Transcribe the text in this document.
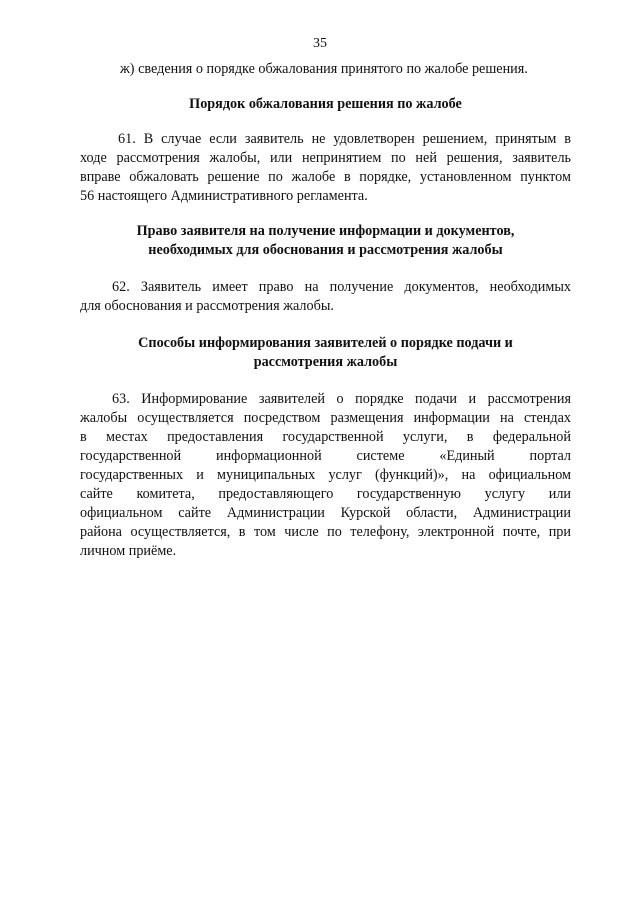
35
ж) сведения о порядке обжалования принятого по жалобе решения.
Порядок обжалования решения по жалобе
61. В случае если заявитель не удовлетворен решением, принятым в
ходе рассмотрения жалобы, или непринятием по ней решения, заявитель
вправе обжаловать решение по жалобе в порядке, установленном пунктом
56 настоящего Административного регламента.
Право заявителя на получение информации и документов,
необходимых для обоснования и рассмотрения жалобы
62. Заявитель имеет право на получение документов, необходимых
для обоснования и рассмотрения жалобы.
Способы информирования заявителей о порядке подачи и
рассмотрения жалобы
63. Информирование заявителей о порядке подачи и рассмотрения
жалобы осуществляется посредством размещения информации на стендах
в местах предоставления государственной услуги, в федеральной
государственной информационной системе «Единый портал
государственных и муниципальных услуг (функций)», на официальном
сайте комитета, предоставляющего государственную услугу или
официальном сайте Администрации Курской области, Администрации
района осуществляется, в том числе по телефону, электронной почте, при
личном приёме.
